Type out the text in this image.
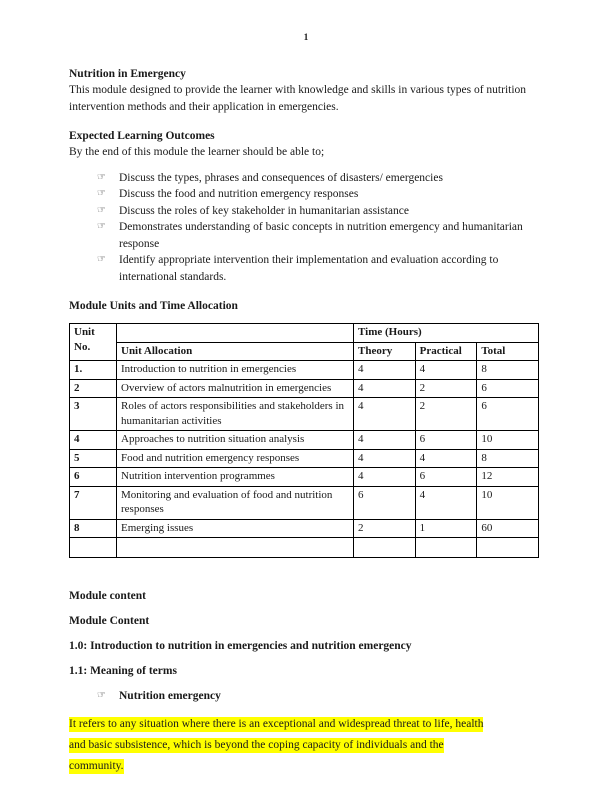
1
Nutrition in Emergency
This module designed to provide the learner with knowledge and skills in various types of nutrition intervention methods and their application in emergencies.
Expected Learning Outcomes
By the end of this module the learner should be able to;
☞ Discuss the types, phrases and consequences of disasters/ emergencies
☞ Discuss the food and nutrition emergency responses
☞ Discuss the roles of key stakeholder in humanitarian assistance
☞ Demonstrates understanding of basic concepts in nutrition emergency and humanitarian response
☞ Identify appropriate intervention their implementation and evaluation according to international standards.
Module Units and Time Allocation
Unit No.		Time (Hours)		
	Unit Allocation	Theory	Practical	Total
1.	Introduction to nutrition in emergencies	4	4	8
2	Overview of actors malnutrition in emergencies	4	2	6
3	Roles of actors responsibilities and stakeholders in humanitarian activities	4	2	6
4	Approaches to nutrition situation analysis	4	6	10
5	Food and nutrition emergency responses	4	4	8
6	Nutrition intervention programmes	4	6	12
7	Monitoring and evaluation of food and nutrition responses	6	4	10
8	Emerging issues	2	1	60

Module content
Module Content
1.0: Introduction to nutrition in emergencies and nutrition emergency
1.1: Meaning of terms
☞ Nutrition emergency
It refers to any situation where there is an exceptional and widespread threat to life, health
and basic subsistence, which is beyond the coping capacity of individuals and the
community.
